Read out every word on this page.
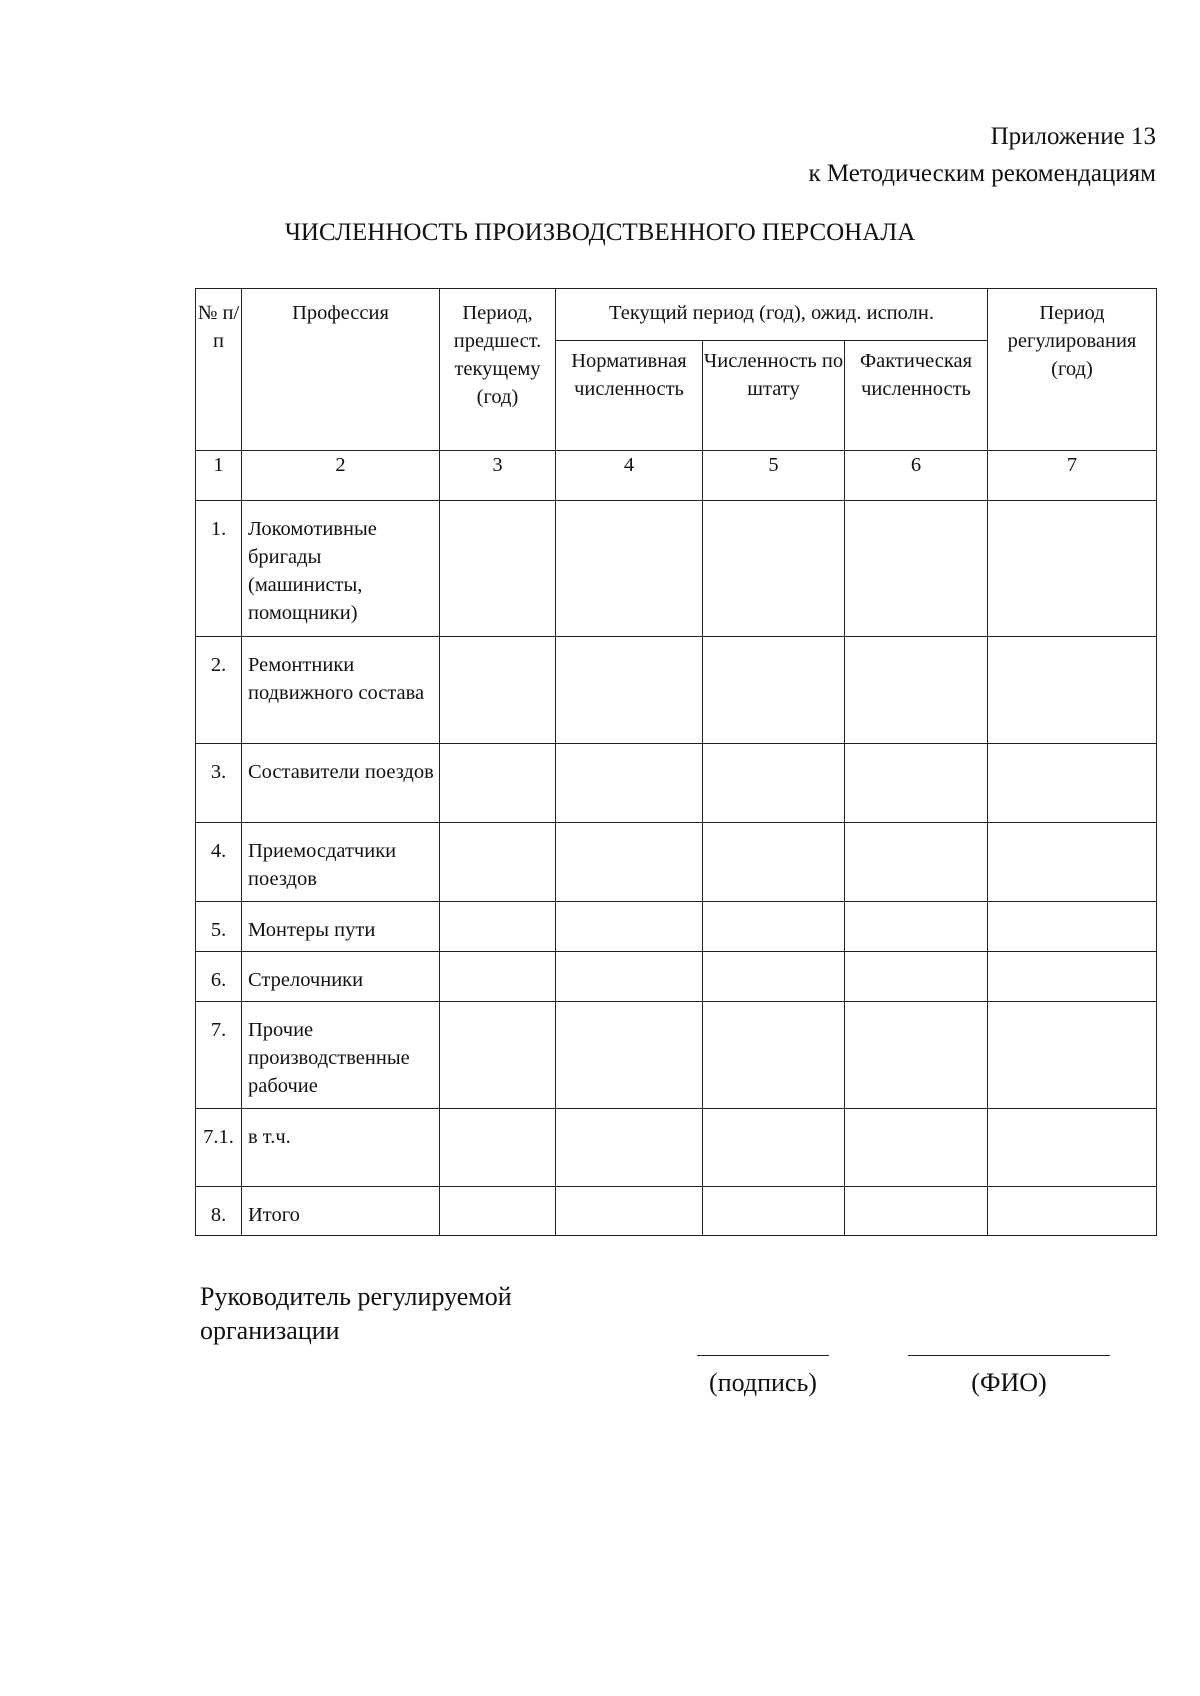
Приложение 13
к Методическим рекомендациям
ЧИСЛЕННОСТЬ ПРОИЗВОДСТВЕННОГО ПЕРСОНАЛА
№ п/п	Профессия	Период, предшест. текущему (год)	Текущий период (год), ожид. исполн.			Период регулирования (год)
			Нормативная численность	Численность по штату	Фактическая численность	
1	2	3	4	5	6	7
1.	Локомотивные бригады (машинисты, помощники)					
2.	Ремонтники подвижного состава					
3.	Составители поездов					
4.	Приемосдатчики поездов					
5.	Монтеры пути					
6.	Стрелочники					
7.	Прочие производственные рабочие					
7.1.	в т.ч.					
8.	Итого					
Руководитель регулируемой
организации
(подпись)	(ФИО)
